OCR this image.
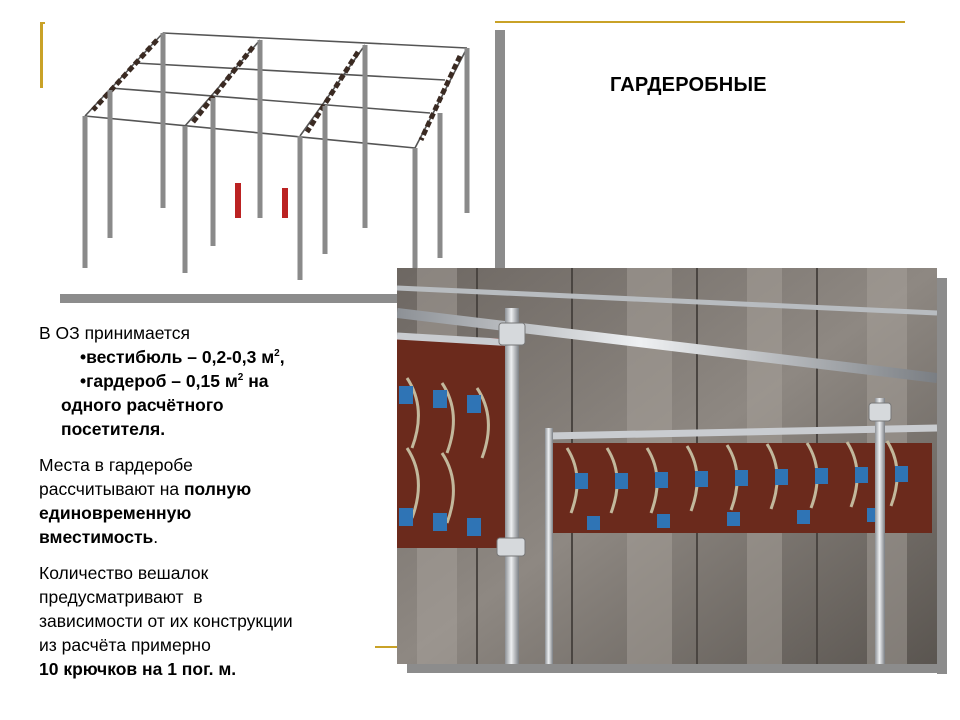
ГАРДЕРОБНЫЕ
В ОЗ принимается
•вестибюль – 0,2-0,3 $м^2$,
•гардероб – 0,15 $м^2$ на
одного расчётного
посетителя.
Места в гардеробе
рассчитывают на полную
единовременную
вместимость.
Количество вешалок
предусматривают  в
зависимости от их конструкции
из расчёта примерно
10 крючков на 1 пог. м.
